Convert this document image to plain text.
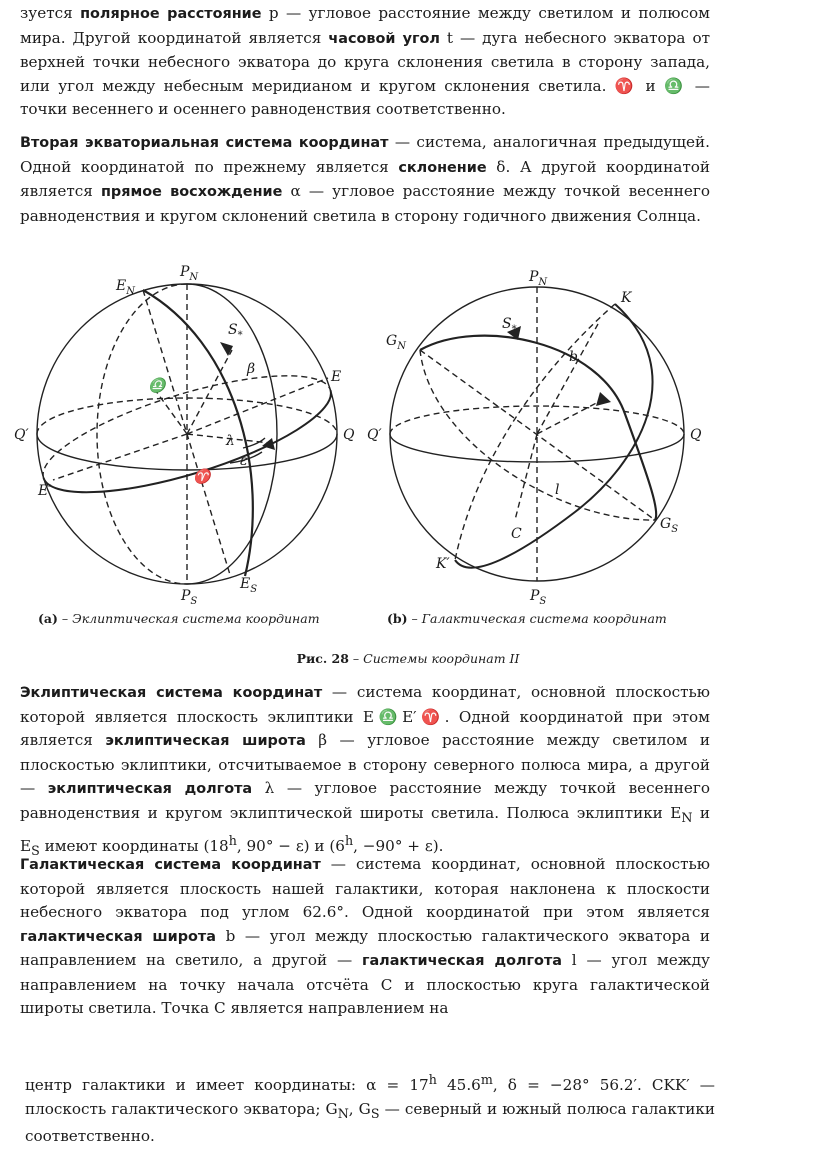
зуется полярное расстояние p — угловое расстояние между светилом и полюсом мира. Другой координатой является часовой угол t — дуга небесного экватора от верхней точки небесного экватора до круга склонения светила в сторону запада, или угол между небесным меридианом и кругом склонения светила. ♈ и ♎ — точки весеннего и осеннего равноденствия соответственно.

Вторая экваториальная система координат — система, аналогичная предыдущей. Одной координатой по прежнему является склонение δ. А другой координатой является прямое восхождение α — угловое расстояние между точкой весеннего равноденствия и кругом склонений светила в сторону годичного движения Солнца.

$E_N$
$P_N$
$S_*$
β
♎
E
Q′	Q
λ
ε
E′
♈
$P_S$
$E_S$
$P_N$
K
$S_*$
$G_N$
b
Q′	Q
l
C
$G_S$
K′
$P_S$
(a) – Эклиптическая система координат	(b) – Галактическая система координат
Рис. 28 – Системы координат II

Эклиптическая система координат — система координат, основной плоскостью которой является плоскость эклиптики E♎E′♈. Одной координатой при этом является эклиптическая широта β — угловое расстояние между светилом и плоскостью эклиптики, отсчитываемое в сторону северного полюса мира, а другой — эклиптическая долгота λ — угловое расстояние между точкой весеннего равноденствия и кругом эклиптической широты светила. Полюса эклиптики $E_N$ и $E_S$ имеют координаты (18$^h$, 90° − ε) и ($6^h$, −90° + ε).

Галактическая система координат — система координат, основной плоскостью которой является плоскость нашей галактики, которая наклонена к плоскости небесного экватора под углом 62.6°. Одной координатой при этом является галактическая широта b — угол между плоскостью галактического экватора и направлением на светило, а другой — галактическая долгота l — угол между направлением на точку начала отсчёта C и плоскостью круга галактической широты светила. Точка C является направлением на

центр галактики и имеет координаты: $\alpha = 17^h$ 45.6$^m$, δ = −28° 56.2′. CKK′ — плоскость галактического экватора; $G_N$, $G_S$ — северный и южный полюса галактики соответственно.
